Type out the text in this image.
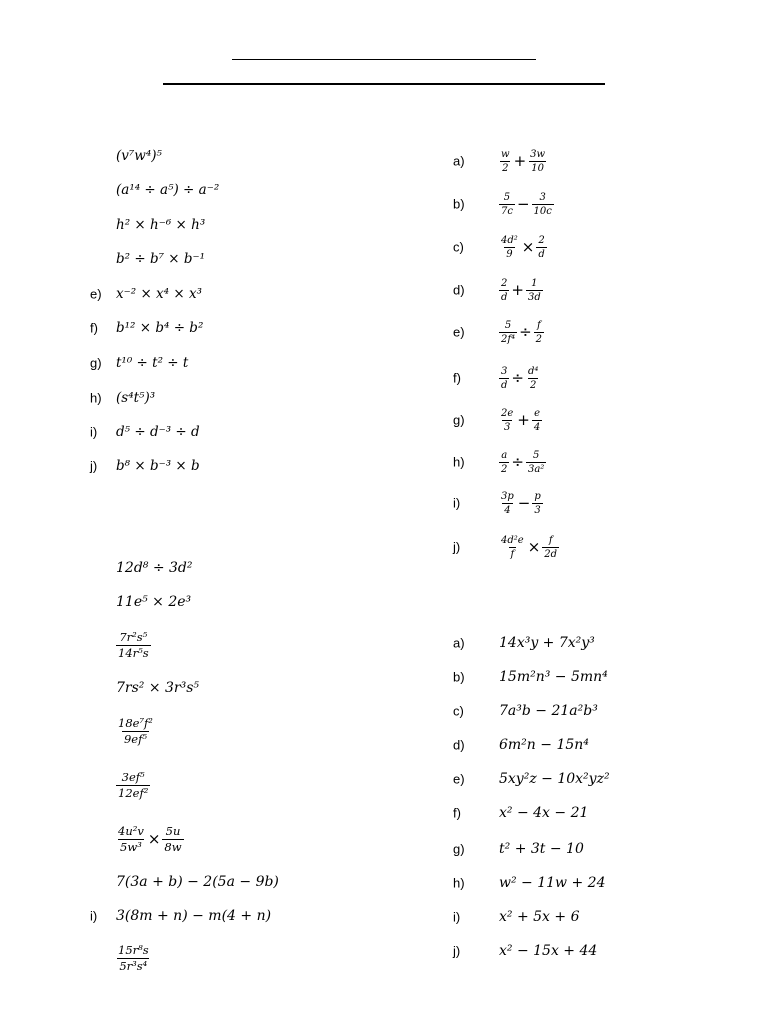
(v⁷w⁴)⁵
(a¹⁴ ÷ a⁵) ÷ a⁻²
h² × h⁻⁶ × h³
b² ÷ b⁷ × b⁻¹
e) x⁻² × x⁴ × x³
f) b¹² × b⁴ ÷ b²
g) t¹⁰ ÷ t² ÷ t
h) (s⁴t⁵)³
i) d⁵ ÷ d⁻³ ÷ d
j) b⁸ × b⁻³ × b
12d⁸ ÷ 3d²
11e⁵ × 2e³
$\frac{\text{7r²s⁵}}{\text{14r⁵s}}$
7rs² × 3r³s⁵
$\frac{\text{18e⁷f²}}{\text{9ef⁵}}$
$\frac{\text{3ef⁵}}{\text{12ef²}}$
$\frac{\text{4u²v}}{\text{5w³}} \times \frac{5u}{8w}$
7(3a + b) − 2(5a − 9b)
i) 3(8m + n) − m(4 + n)
$\frac{\text{15r⁸s}}{\text{5r³s⁴}}$
a)	$\frac{w}{2} + \frac{3w}{10}$
b)	$\frac{5}{7c} - \frac{3}{10c}$
c)	$\frac{\text{4d²}}{9} \times \frac{2}{d}$
d)	$\frac{2}{d} + \frac{1}{3d}$
e)	$\frac{5}{\text{2f⁴}} \div \frac{f}{2}$
f)	$\frac{3}{d} \div \frac{\text{d⁴}}{2}$
g)	$\frac{2e}{3} + \frac{e}{4}$
h)	$\frac{a}{2} \div \frac{5}{\text{3a²}}$
i)	$\frac{3p}{4} - \frac{p}{3}$
j)	$\frac{\text{4d²e}}{f} \times \frac{f}{2d}$
a) 14x³y + 7x²y³
b) 15m²n³ − 5mn⁴
c)	7a³b − 21a²b³
d) 6m²n − 15n⁴
e) 5xy²z − 10x²yz²
f)	x² − 4x − 21
g) t² + 3t − 10
h) w² − 11w + 24
i)	x² + 5x + 6
j)	x² − 15x + 44
